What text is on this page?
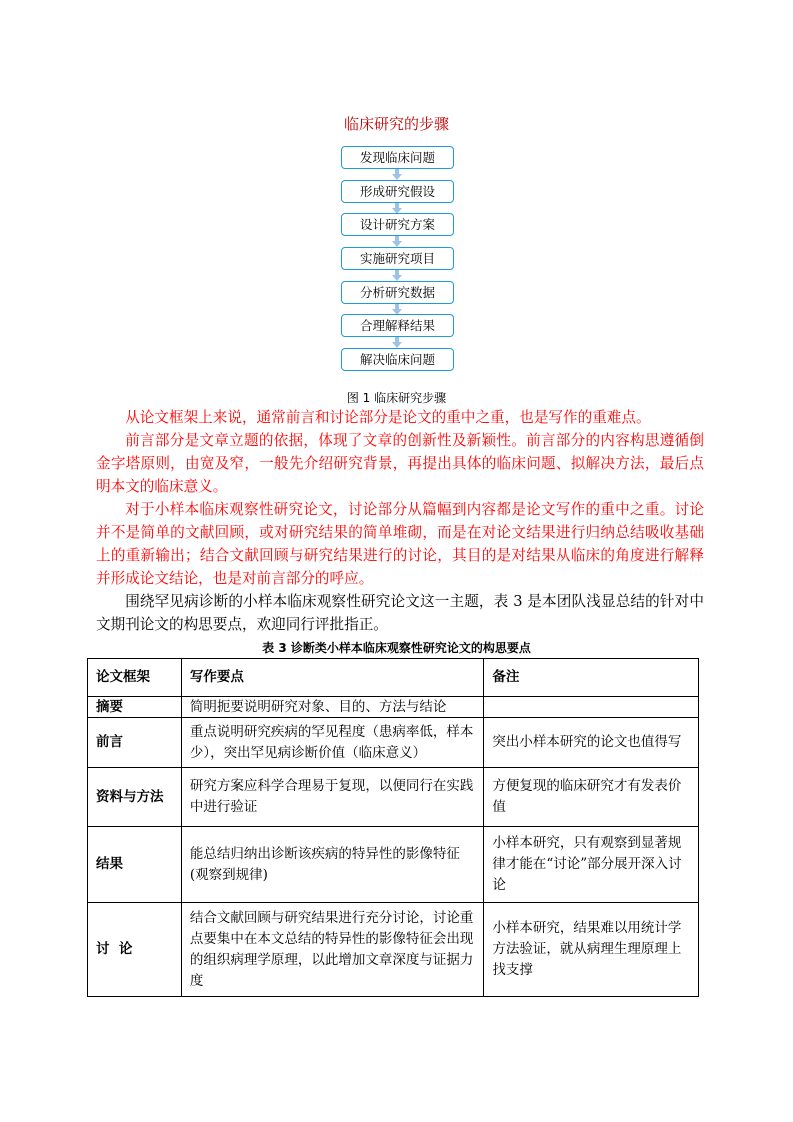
临床研究的步骤
发现临床问题
形成研究假设
设计研究方案
实施研究项目
分析研究数据
合理解释结果
解决临床问题
图 1 临床研究步骤

从论文框架上来说，通常前言和讨论部分是论文的重中之重，也是写作的重难点。

前言部分是文章立题的依据，体现了文章的创新性及新颖性。前言部分的内容构思遵循倒金字塔原则，由宽及窄，一般先介绍研究背景，再提出具体的临床问题、拟解决方法，最后点明本文的临床意义。

对于小样本临床观察性研究论文，讨论部分从篇幅到内容都是论文写作的重中之重。讨论并不是简单的文献回顾，或对研究结果的简单堆砌，而是在对论文结果进行归纳总结吸收基础上的重新输出；结合文献回顾与研究结果进行的讨论，其目的是对结果从临床的角度进行解释并形成论文结论，也是对前言部分的呼应。

围绕罕见病诊断的小样本临床观察性研究论文这一主题，表 3 是本团队浅显总结的针对中文期刊论文的构思要点，欢迎同行评批指正。

表 3 诊断类小样本临床观察性研究论文的构思要点
论文框架	写作要点	备注
摘要	简明扼要说明研究对象、目的、方法与结论	
前言	重点说明研究疾病的罕见程度（患病率低，样本少），突出罕见病诊断价值（临床意义）	突出小样本研究的论文也值得写
资料与方法	研究方案应科学合理易于复现，以便同行在实践中进行验证	方便复现的临床研究才有发表价值
结果	能总结归纳出诊断该疾病的特异性的影像特征(观察到规律)	小样本研究，只有观察到显著规律才能在“讨论”部分展开深入讨论
讨  论	结合文献回顾与研究结果进行充分讨论，讨论重点要集中在本文总结的特异性的影像特征会出现的组织病理学原理，以此增加文章深度与证据力度	小样本研究，结果难以用统计学方法验证，就从病理生理原理上找支撑
